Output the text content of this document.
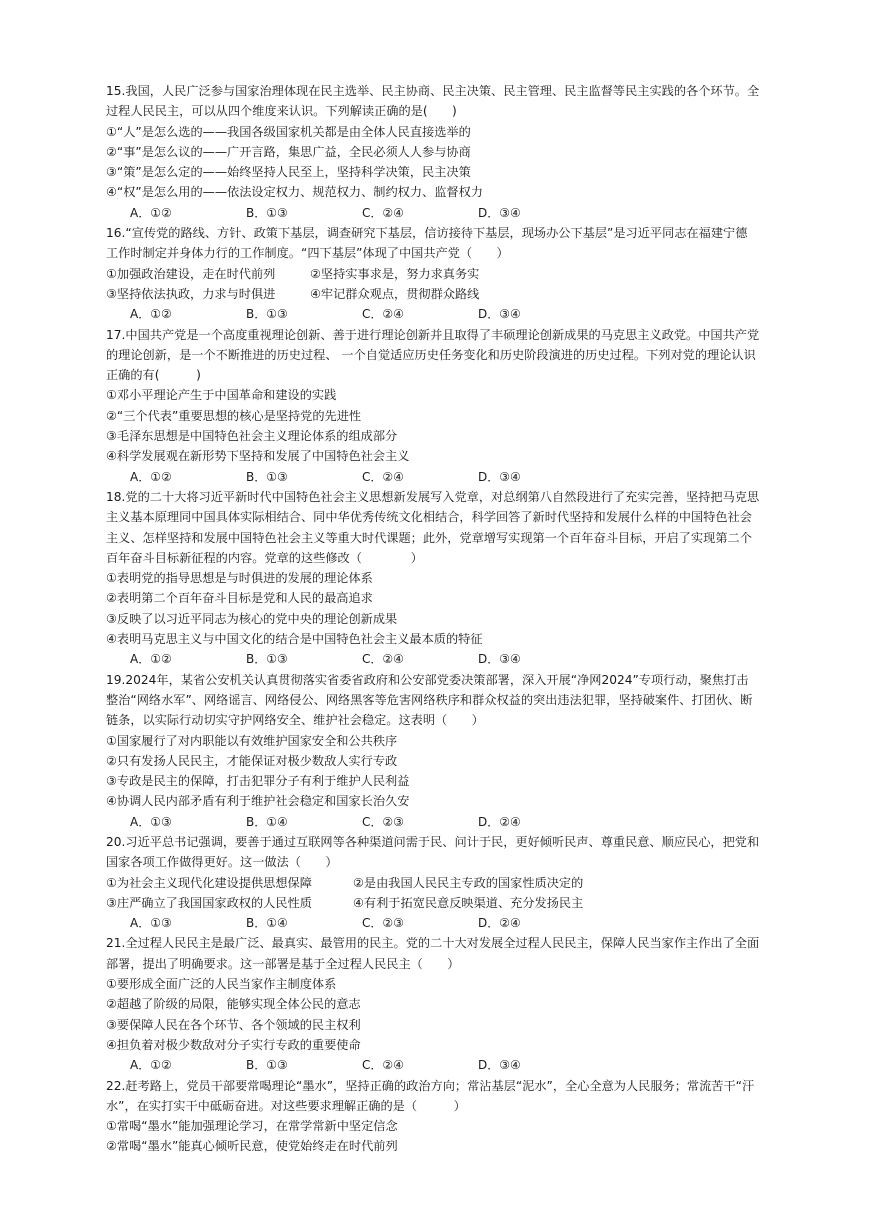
15.我国，人民广泛参与国家治理体现在民主选举、民主协商、民主决策、民主管理、民主监督等民主实践的各个环节。全
过程人民民主，可以从四个维度来认识。下列解读正确的是(　　)
①“人”是怎么选的——我国各级国家机关都是由全体人民直接选举的
②“事”是怎么议的——广开言路，集思广益，全民必须人人参与协商
③“策”是怎么定的——始终坚持人民至上，坚持科学决策，民主决策
④“权”是怎么用的——依法设定权力、规范权力、制约权力、监督权力
A．①②	B．①③	C．②④	D．③④
16.“宣传党的路线、方针、政策下基层，调查研究下基层，信访接待下基层，现场办公下基层”是习近平同志在福建宁德
工作时制定并身体力行的工作制度。“四下基层”体现了中国共产党（　　）
①加强政治建设，走在时代前列	②坚持实事求是，努力求真务实
③坚持依法执政，力求与时俱进	④牢记群众观点，贯彻群众路线
A．①②	B．①③	C．②④	D．③④
17.中国共产党是一个高度重视理论创新、善于进行理论创新并且取得了丰硕理论创新成果的马克思主义政党。中国共产党
的理论创新，是一个不断推进的历史过程、 一个自觉适应历史任务变化和历史阶段演进的历史过程。下列对党的理论认识
正确的有(　　　)
①邓小平理论产生于中国革命和建设的实践
②“三个代表”重要思想的核心是坚持党的先进性
③毛泽东思想是中国特色社会主义理论体系的组成部分
④科学发展观在新形势下坚持和发展了中国特色社会主义
A．①②	B．①③	C．②④	D．③④
18.党的二十大将习近平新时代中国特色社会主义思想新发展写入党章，对总纲第八自然段进行了充实完善，坚持把马克思
主义基本原理同中国具体实际相结合、同中华优秀传统文化相结合，科学回答了新时代坚持和发展什么样的中国特色社会
主义、怎样坚持和发展中国特色社会主义等重大时代课题；此外，党章增写实现第一个百年奋斗目标，开启了实现第二个
百年奋斗目标新征程的内容。党章的这些修改（　　　　）
①表明党的指导思想是与时俱进的发展的理论体系
②表明第二个百年奋斗目标是党和人民的最高追求
③反映了以习近平同志为核心的党中央的理论创新成果
④表明马克思主义与中国文化的结合是中国特色社会主义最本质的特征
A．①②	B．①③	C．②④	D．③④
19.2024年，某省公安机关认真贯彻落实省委省政府和公安部党委决策部署，深入开展“净网2024”专项行动，聚焦打击
整治“网络水军”、网络谣言、网络侵公、网络黑客等危害网络秩序和群众权益的突出违法犯罪，坚持破案件、打团伙、断
链条，以实际行动切实守护网络安全、维护社会稳定。这表明（　　）
①国家履行了对内职能以有效维护国家安全和公共秩序
②只有发扬人民民主，才能保证对极少数敌人实行专政
③专政是民主的保障，打击犯罪分子有利于维护人民利益
④协调人民内部矛盾有利于维护社会稳定和国家长治久安
A．①③	B．①④	C．②③	D．②④
20.习近平总书记强调，要善于通过互联网等各种渠道问需于民、问计于民，更好倾听民声、尊重民意、顺应民心，把党和
国家各项工作做得更好。这一做法（　　）
①为社会主义现代化建设提供思想保障	②是由我国人民民主专政的国家性质决定的
③庄严确立了我国国家政权的人民性质	④有利于拓宽民意反映渠道、充分发扬民主
A．①③	B．①④	C．②③	D．②④
21.全过程人民民主是最广泛、最真实、最管用的民主。党的二十大对发展全过程人民民主，保障人民当家作主作出了全面
部署，提出了明确要求。这一部署是基于全过程人民民主（　　）
①要形成全面广泛的人民当家作主制度体系
②超越了阶级的局限，能够实现全体公民的意志
③要保障人民在各个环节、各个领域的民主权利
④担负着对极少数敌对分子实行专政的重要使命
A．①②	B．①③	C．②④	D．③④
22.赶考路上，党员干部要常喝理论“墨水”，坚持正确的政治方向；常沾基层“泥水”，全心全意为人民服务；常流苦干“汗
水”，在实打实干中砥砺奋进。对这些要求理解正确的是（　　　）
①常喝“墨水”能加强理论学习，在常学常新中坚定信念
②常喝“墨水”能真心倾听民意，使党始终走在时代前列
